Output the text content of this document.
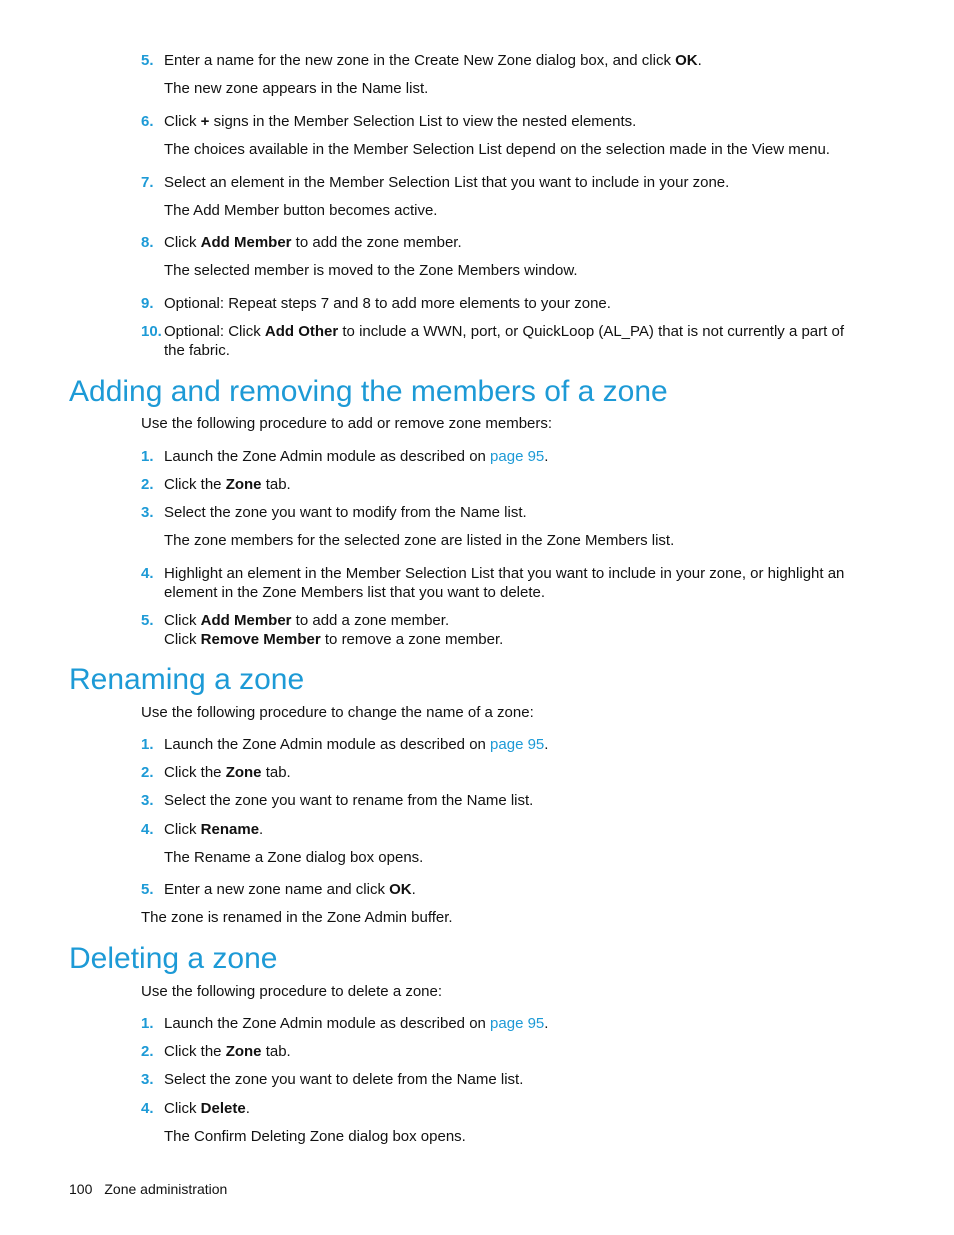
5. Enter a name for the new zone in the Create New Zone dialog box, and click OK.
The new zone appears in the Name list.
6. Click + signs in the Member Selection List to view the nested elements.
The choices available in the Member Selection List depend on the selection made in the View menu.
7. Select an element in the Member Selection List that you want to include in your zone.
The Add Member button becomes active.
8. Click Add Member to add the zone member.
The selected member is moved to the Zone Members window.
9. Optional: Repeat steps 7 and 8 to add more elements to your zone.
10. Optional: Click Add Other to include a WWN, port, or QuickLoop (AL_PA) that is not currently a part of the fabric.
Adding and removing the members of a zone
Use the following procedure to add or remove zone members:
1. Launch the Zone Admin module as described on page 95.
2. Click the Zone tab.
3. Select the zone you want to modify from the Name list.
The zone members for the selected zone are listed in the Zone Members list.
4. Highlight an element in the Member Selection List that you want to include in your zone, or highlight an element in the Zone Members list that you want to delete.
5. Click Add Member to add a zone member.
Click Remove Member to remove a zone member.
Renaming a zone
Use the following procedure to change the name of a zone:
1. Launch the Zone Admin module as described on page 95.
2. Click the Zone tab.
3. Select the zone you want to rename from the Name list.
4. Click Rename.
The Rename a Zone dialog box opens.
5. Enter a new zone name and click OK.
The zone is renamed in the Zone Admin buffer.
Deleting a zone
Use the following procedure to delete a zone:
1. Launch the Zone Admin module as described on page 95.
2. Click the Zone tab.
3. Select the zone you want to delete from the Name list.
4. Click Delete.
The Confirm Deleting Zone dialog box opens.
100 Zone administration
